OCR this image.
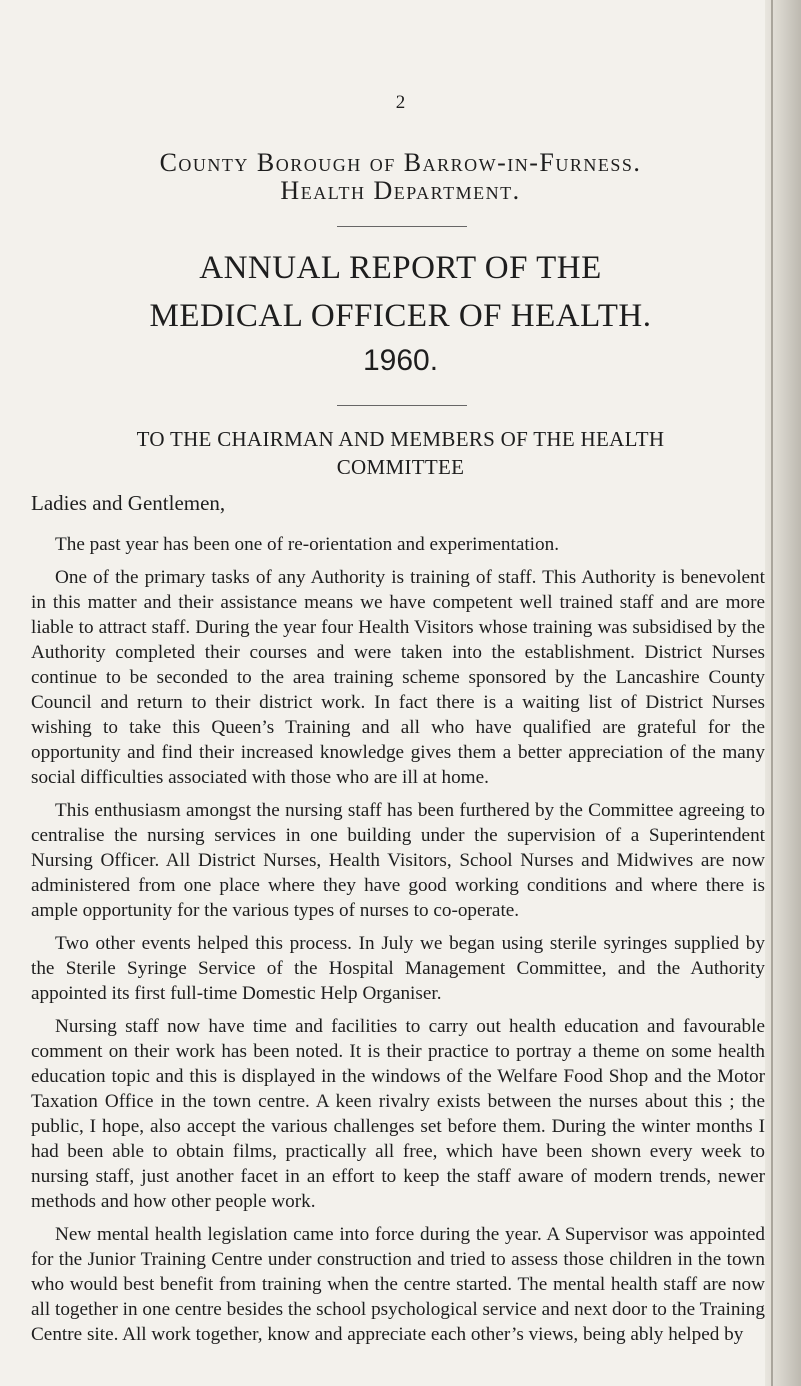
2
County Borough of Barrow-in-Furness.
Health Department.
ANNUAL REPORT OF THE
MEDICAL OFFICER OF HEALTH.
1960.
TO THE CHAIRMAN AND MEMBERS OF THE HEALTH
COMMITTEE
Ladies and Gentlemen,

The past year has been one of re-orientation and experimentation.

One of the primary tasks of any Authority is training of staff. This Authority is benevolent in this matter and their assistance means we have competent well trained staff and are more liable to attract staff. During the year four Health Visitors whose training was subsidised by the Authority completed their courses and were taken into the establishment. District Nurses continue to be seconded to the area training scheme sponsored by the Lancashire County Council and return to their district work. In fact there is a waiting list of District Nurses wishing to take this Queen’s Training and all who have qualified are grateful for the opportunity and find their increased knowledge gives them a better appreciation of the many social difficulties associated with those who are ill at home.

This enthusiasm amongst the nursing staff has been furthered by the Committee agreeing to centralise the nursing services in one building under the supervision of a Superintendent Nursing Officer. All District Nurses, Health Visitors, School Nurses and Midwives are now administered from one place where they have good working conditions and where there is ample opportunity for the various types of nurses to co-operate.

Two other events helped this process. In July we began using sterile syringes supplied by the Sterile Syringe Service of the Hospital Management Committee, and the Authority appointed its first full-time Domestic Help Organiser.

Nursing staff now have time and facilities to carry out health education and favourable comment on their work has been noted. It is their practice to portray a theme on some health education topic and this is displayed in the windows of the Welfare Food Shop and the Motor Taxation Office in the town centre. A keen rivalry exists between the nurses about this ; the public, I hope, also accept the various challenges set before them. During the winter months I had been able to obtain films, practically all free, which have been shown every week to nursing staff, just another facet in an effort to keep the staff aware of modern trends, newer methods and how other people work.

New mental health legislation came into force during the year. A Supervisor was appointed for the Junior Training Centre under construction and tried to assess those children in the town who would best benefit from training when the centre started. The mental health staff are now all together in one centre besides the school psychological service and next door to the Training Centre site. All work together, know and appreciate each other’s views, being ably helped by
